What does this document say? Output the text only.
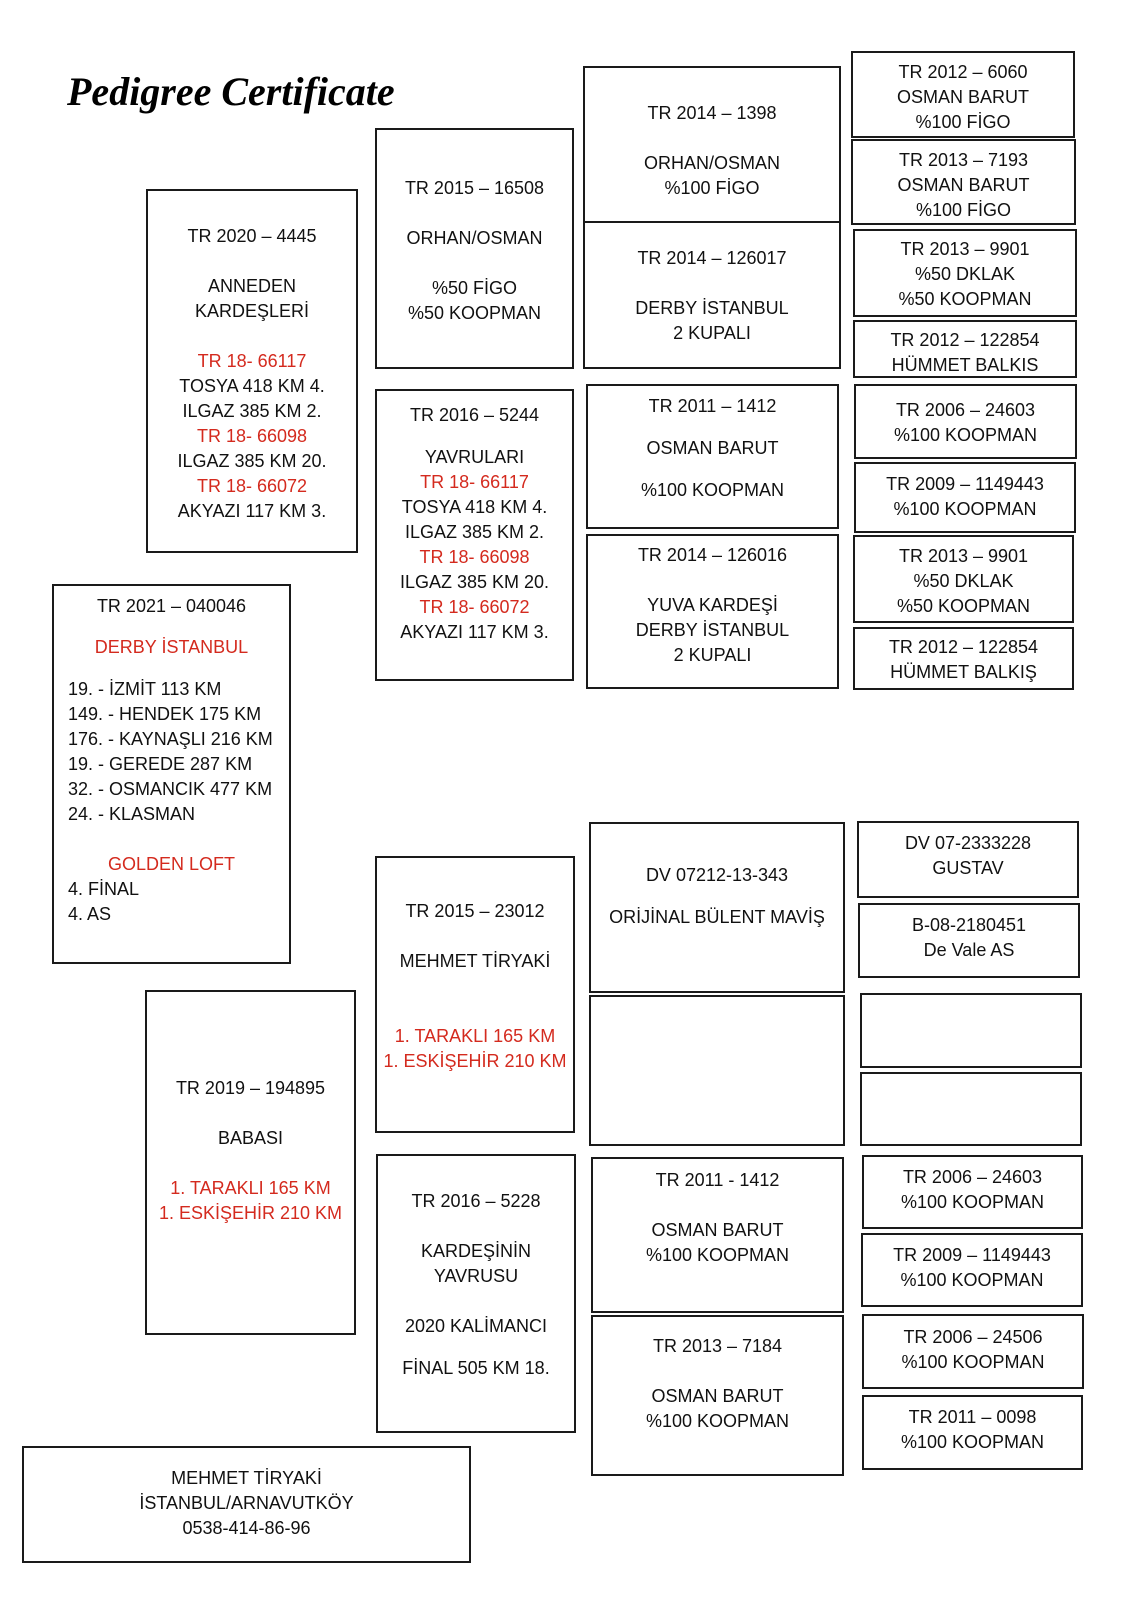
Pedigree Certificate
TR 2021 – 040046
DERBY İSTANBUL
19. - İZMİT 113 KM
149. - HENDEK 175 KM
176. - KAYNAŞLI 216 KM
19. - GEREDE 287 KM
32. - OSMANCIK 477 KM
24. - KLASMAN
GOLDEN LOFT
4. FİNAL
4. AS
TR 2020 – 4445
ANNEDEN
KARDEŞLERİ
TR 18- 66117
TOSYA 418 KM 4.
ILGAZ 385 KM 2.
TR 18- 66098
ILGAZ 385 KM 20.
TR 18- 66072
AKYAZI 117 KM 3.
TR 2019 – 194895
BABASI
1. TARAKLI 165 KM
1. ESKİŞEHİR 210 KM
TR 2015 – 16508
ORHAN/OSMAN
%50 FİGO
%50 KOOPMAN
TR 2016 – 5244
YAVRULARI
TR 18- 66117
TOSYA 418 KM 4.
ILGAZ 385 KM 2.
TR 18- 66098
ILGAZ 385 KM 20.
TR 18- 66072
AKYAZI 117 KM 3.
TR 2015 – 23012
MEHMET TİRYAKİ
1. TARAKLI 165 KM
1. ESKİŞEHİR 210 KM
TR 2016 – 5228
KARDEŞİNİN
YAVRUSU
2020 KALİMANCI
FİNAL 505 KM 18.
TR 2014 – 1398
ORHAN/OSMAN
%100 FİGO
TR 2014 – 126017
DERBY İSTANBUL
2 KUPALI
TR 2011 – 1412
OSMAN BARUT
%100 KOOPMAN
TR 2014 – 126016
YUVA KARDEŞİ
DERBY İSTANBUL
2 KUPALI
DV 07212-13-343
ORİJİNAL BÜLENT MAVİŞ
TR 2011 - 1412
OSMAN BARUT
%100 KOOPMAN
TR 2013 – 7184
OSMAN BARUT
%100 KOOPMAN
TR 2012 – 6060
OSMAN BARUT
%100 FİGO
TR 2013 – 7193
OSMAN BARUT
%100 FİGO
TR 2013 – 9901
%50 DKLAK
%50 KOOPMAN
TR 2012 – 122854
HÜMMET BALKIS
TR 2006 – 24603
%100 KOOPMAN
TR 2009 – 1149443
%100 KOOPMAN
TR 2013 – 9901
%50 DKLAK
%50 KOOPMAN
TR 2012 – 122854
HÜMMET BALKIŞ
DV 07-2333228
GUSTAV
B-08-2180451
De Vale AS
TR 2006 – 24603
%100 KOOPMAN
TR 2009 – 1149443
%100 KOOPMAN
TR 2006 – 24506
%100 KOOPMAN
TR 2011 – 0098
%100 KOOPMAN
MEHMET TİRYAKİ
İSTANBUL/ARNAVUTKÖY
0538-414-86-96
